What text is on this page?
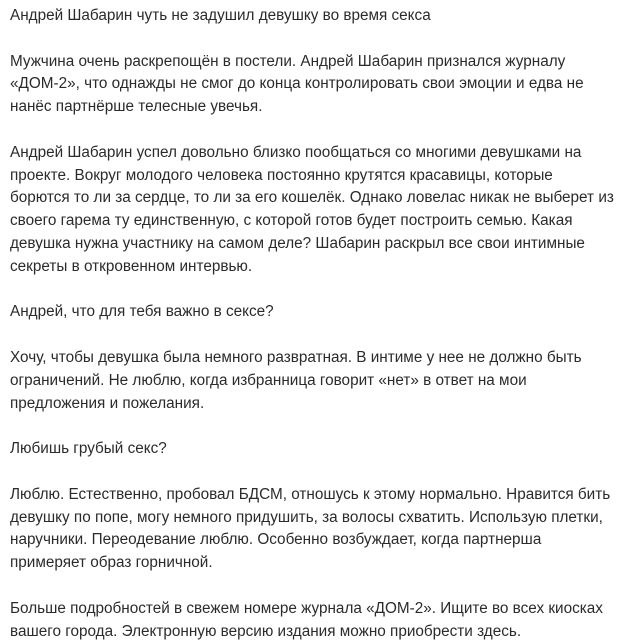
Андрей Шабарин чуть не задушил девушку во время секса
Мужчина очень раскрепощён в постели. Андрей Шабарин признался журналу «ДОМ-2», что однажды не смог до конца контролировать свои эмоции и едва не нанёс партнёрше телесные увечья.
Андрей Шабарин успел довольно близко пообщаться со многими девушками на проекте. Вокруг молодого человека постоянно крутятся красавицы, которые борются то ли за сердце, то ли за его кошелёк. Однако ловелас никак не выберет из своего гарема ту единственную, с которой готов будет построить семью. Какая девушка нужна участнику на самом деле? Шабарин раскрыл все свои интимные секреты в откровенном интервью.
Андрей, что для тебя важно в сексе?
Хочу, чтобы девушка была немного развратная. В интиме у нее не должно быть ограничений. Не люблю, когда избранница говорит «нет» в ответ на мои предложения и пожелания.
Любишь грубый секс?
Люблю. Естественно, пробовал БДСМ, отношусь к этому нормально. Нравится бить девушку по попе, могу немного придушить, за волосы схватить. Использую плетки, наручники. Переодевание люблю. Особенно возбуждает, когда партнерша примеряет образ горничной.
Больше подробностей в свежем номере журнала «ДОМ-2». Ищите во всех киосках вашего города. Электронную версию издания можно приобрести здесь.
